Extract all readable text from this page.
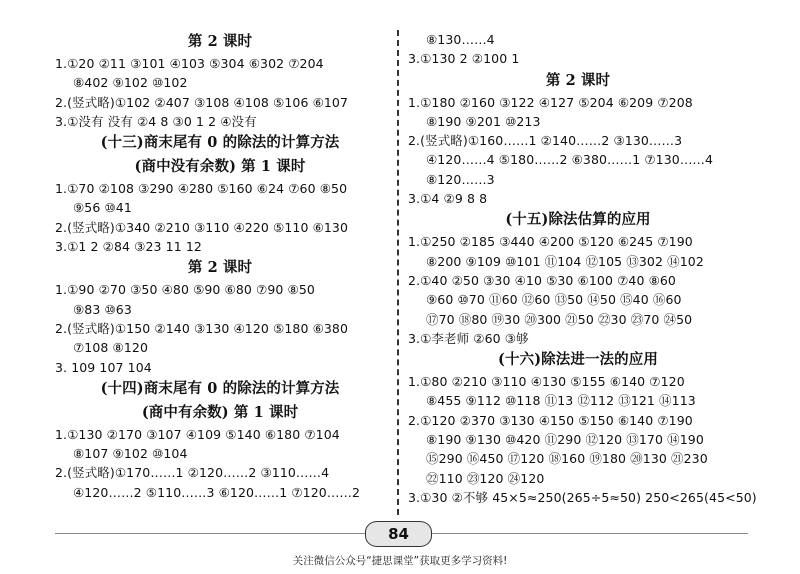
第 2 课时
1.①20 ②11 ③101 ④103 ⑤304 ⑥302 ⑦204
⑧402 ⑨102 ⑩102
2.(竖式略)①102 ②407 ③108 ④108 ⑤106 ⑥107
3.①没有 没有 ②4 8 ③0 1 2 ④没有
(十三)商末尾有 0 的除法的计算方法
(商中没有余数) 第 1 课时
1.①70 ②108 ③290 ④280 ⑤160 ⑥24 ⑦60 ⑧50
⑨56 ⑩41
2.(竖式略)①340 ②210 ③110 ④220 ⑤110 ⑥130
3.①1 2 ②84 ③23 11 12
第 2 课时
1.①90 ②70 ③50 ④80 ⑤90 ⑥80 ⑦90 ⑧50
⑨83 ⑩63
2.(竖式略)①150 ②140 ③130 ④120 ⑤180 ⑥380
⑦108 ⑧120
3. 109 107 104
(十四)商末尾有 0 的除法的计算方法
(商中有余数) 第 1 课时
1.①130 ②170 ③107 ④109 ⑤140 ⑥180 ⑦104
⑧107 ⑨102 ⑩104
2.(竖式略)①170……1 ②120……2 ③110……4
④120……2 ⑤110……3 ⑥120……1 ⑦120……2
⑧130……4
3.①130 2 ②100 1
第 2 课时
1.①180 ②160 ③122 ④127 ⑤204 ⑥209 ⑦208
⑧190 ⑨201 ⑩213
2.(竖式略)①160……1 ②140……2 ③130……3
④120……4 ⑤180……2 ⑥380……1 ⑦130……4
⑧120……3
3.①4 ②9 8 8
(十五)除法估算的应用
1.①250 ②185 ③440 ④200 ⑤120 ⑥245 ⑦190
⑧200 ⑨109 ⑩101 ⑪104 ⑫105 ⑬302 ⑭102
2.①40 ②50 ③30 ④10 ⑤30 ⑥100 ⑦40 ⑧60
⑨60 ⑩70 ⑪60 ⑫60 ⑬50 ⑭50 ⑮40 ⑯60
⑰70 ⑱80 ⑲30 ⑳300 ㉑50 ㉒30 ㉓70 ㉔50
3.①李老师 ②60 ③够
(十六)除法进一法的应用
1.①80 ②210 ③110 ④130 ⑤155 ⑥140 ⑦120
⑧455 ⑨112 ⑩118 ⑪13 ⑫112 ⑬121 ⑭113
2.①120 ②370 ③130 ④150 ⑤150 ⑥140 ⑦190
⑧190 ⑨130 ⑩420 ⑪290 ⑫120 ⑬170 ⑭190
⑮290 ⑯450 ⑰120 ⑱160 ⑲180 ⑳130 ㉑230
㉒110 ㉓120 ㉔120
3.①30 ②不够 45×5≈250(265÷5≈50) 250<265(45<50)
84
关注微信公众号“捷思课堂”获取更多学习资料!
